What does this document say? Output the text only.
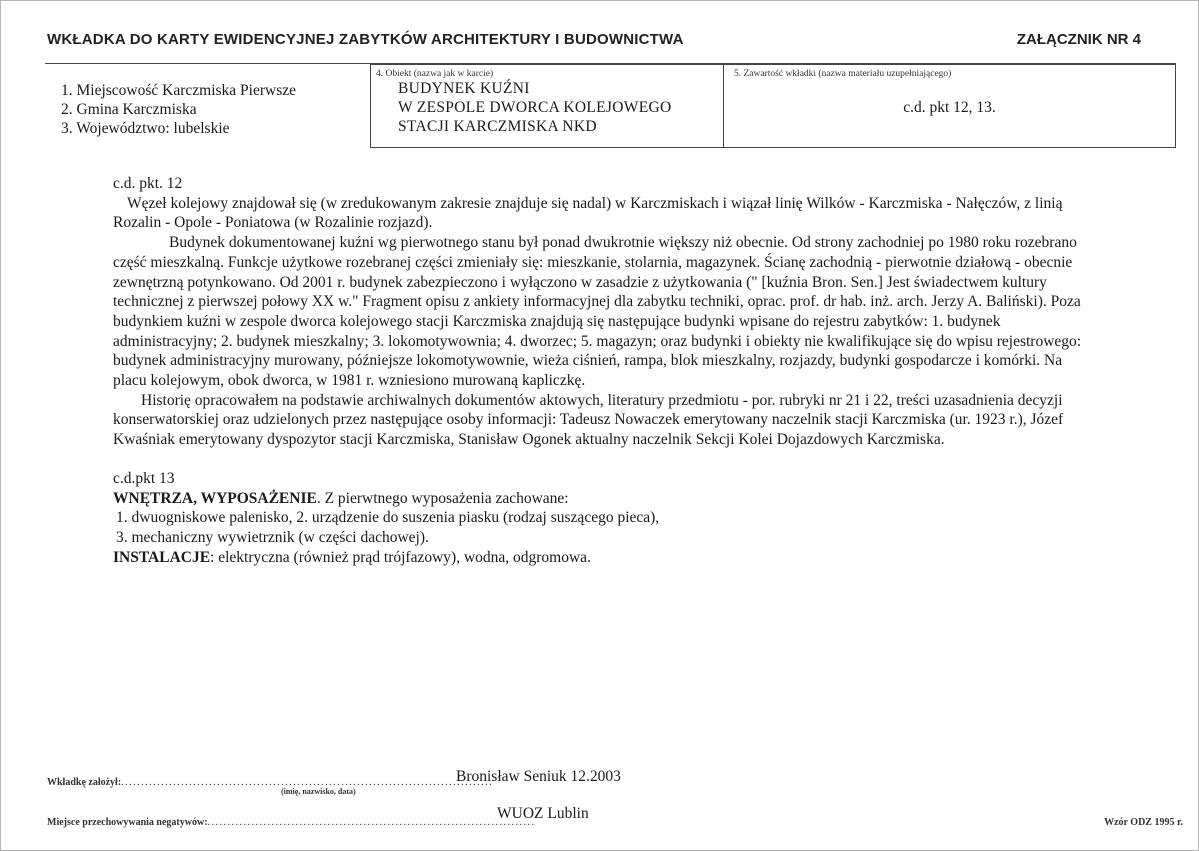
WKŁADKA DO KARTY EWIDENCYJNEJ ZABYTKÓW ARCHITEKTURY I BUDOWNICTWA	ZAŁĄCZNIK NR 4
1. Miejscowość Karczmiska Pierwsze
2. Gmina Karczmiska
3. Województwo: lubelskie
4. Obiekt (nazwa jak w karcie)
BUDYNEK KUŹNI
W ZESPOLE DWORCA KOLEJOWEGO
STACJI KARCZMISKA NKD
5. Zawartość wkładki (nazwa materiału uzupełniającego)
c.d. pkt 12, 13.

c.d. pkt. 12

Węzeł kolejowy znajdował się (w zredukowanym zakresie znajduje się nadal) w Karczmiskach i wiązał linię Wilków - Karczmiska - Nałęczów, z linią Rozalin - Opole - Poniatowa (w Rozalinie rozjazd).

Budynek dokumentowanej kuźni wg pierwotnego stanu był ponad dwukrotnie większy niż obecnie. Od strony zachodniej po 1980 roku rozebrano część mieszkalną. Funkcje użytkowe rozebranej części zmieniały się: mieszkanie, stolarnia, magazynek. Ścianę zachodnią - pierwotnie działową - obecnie zewnętrzną potynkowano. Od 2001 r. budynek zabezpieczono i wyłączono w zasadzie z użytkowania (" [kuźnia Bron. Sen.] Jest świadectwem kultury technicznej z pierwszej połowy XX w." Fragment opisu z ankiety informacyjnej dla zabytku techniki, oprac. prof. dr hab. inż. arch. Jerzy A. Baliński). Poza budynkiem kuźni w zespole dworca kolejowego stacji Karczmiska znajdują się następujące budynki wpisane do rejestru zabytków: 1. budynek administracyjny; 2. budynek mieszkalny; 3. lokomotywownia; 4. dworzec; 5. magazyn; oraz budynki i obiekty nie kwalifikujące się do wpisu rejestrowego: budynek administracyjny murowany, późniejsze lokomotywownie, wieża ciśnień, rampa, blok mieszkalny, rozjazdy, budynki gospodarcze i komórki. Na placu kolejowym, obok dworca, w 1981 r. wzniesiono murowaną kapliczkę.

Historię opracowałem na podstawie archiwalnych dokumentów aktowych, literatury przedmiotu - por. rubryki nr 21 i 22, treści uzasadnienia decyzji konserwatorskiej oraz udzielonych przez następujące osoby informacji: Tadeusz Nowaczek emerytowany naczelnik stacji Karczmiska (ur. 1923 r.), Józef Kwaśniak emerytowany dyspozytor stacji Karczmiska, Stanisław Ogonek aktualny naczelnik Sekcji Kolei Dojazdowych Karczmiska.

c.d.pkt 13

WNĘTRZA, WYPOSAŻENIE. Z pierwtnego wyposażenia zachowane:

1. dwuogniskowe palenisko, 2. urządzenie do suszenia piasku (rodzaj suszącego pieca),

3. mechaniczny wywietrznik (w części dachowej).

INSTALACJE: elektryczna (również prąd trójfazowy), wodna, odgromowa.

Wkładkę założył:.............................................................................................
Bronisław Seniuk 12.2003
(imię, nazwisko, data)
Miejsce przechowywania negatywów:..................................................................................
WUOZ Lublin
Wzór ODZ 1995 r.
